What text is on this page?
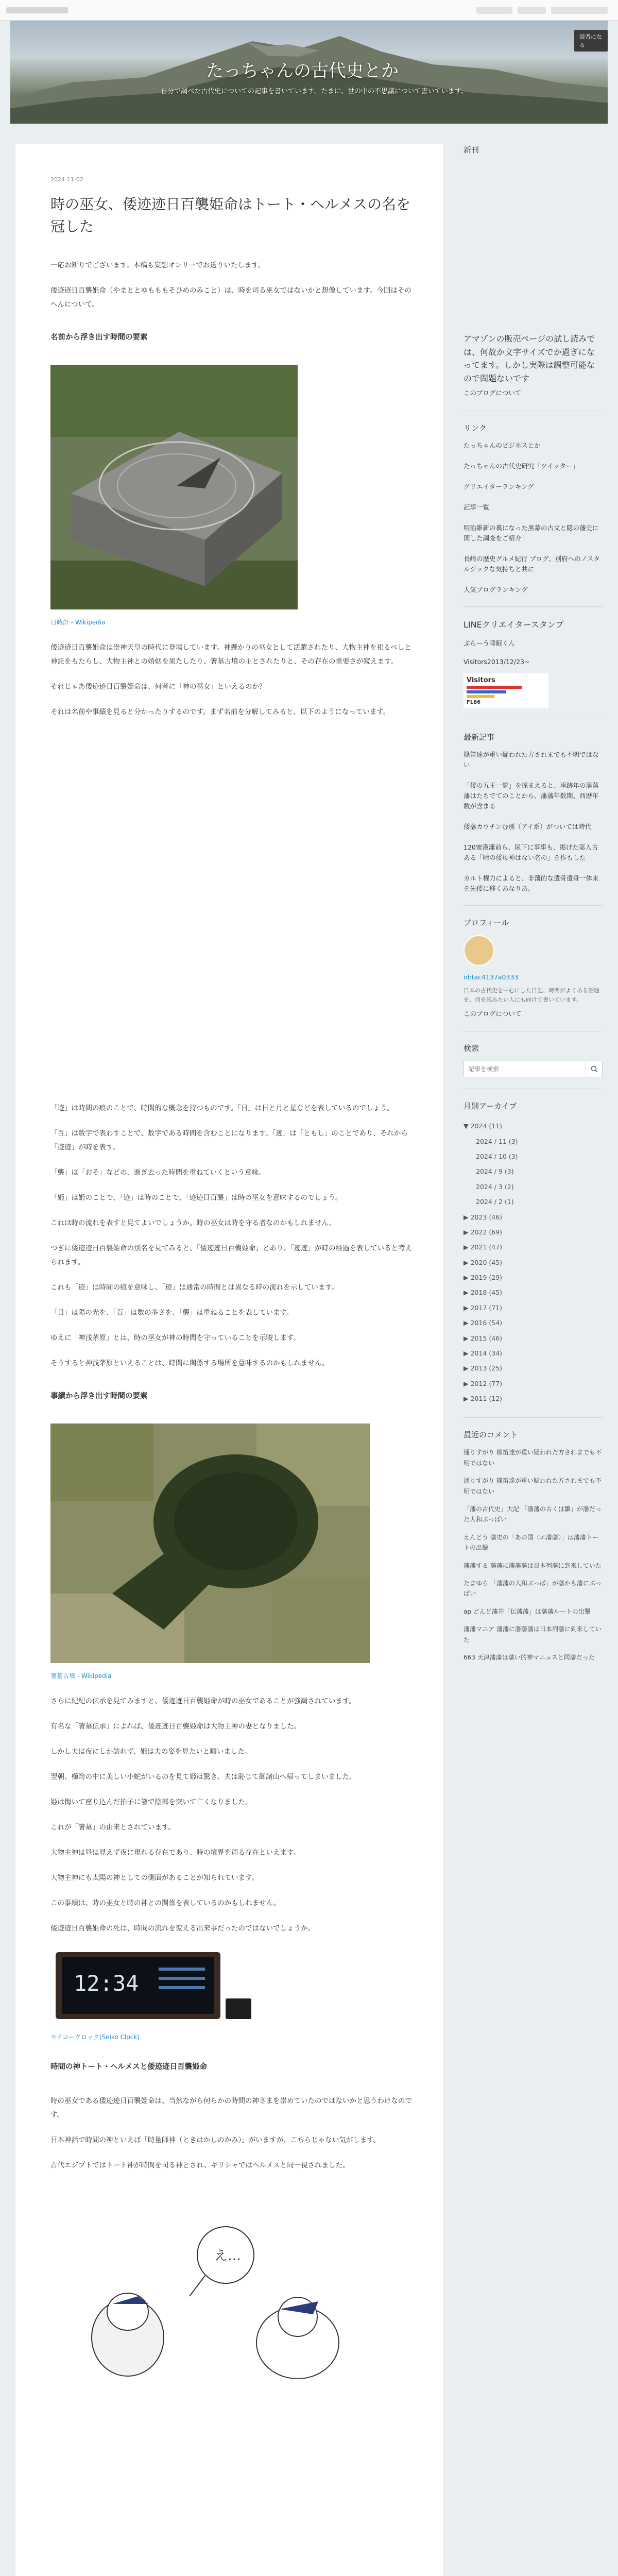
たっちゃんの古代史とか
自分で調べた古代史についての記事を書いています。たまに、世の中の不思議について書いています。
読者になる
2024-11-02
時の巫女、倭迹迹日百襲姫命はトート・ヘルメスの名を冠した

一応お断りでございます。本稿も妄想オンリーでお送りいたします。

倭迹迹日百襲姫命（やまととゆもももそひめのみこと）は、時を司る巫女ではないかと想像しています。今回はそのへんについて。

名前から浮き出す時間の要素
日時計 - Wikipedia

倭迹迹日百襲姫命は崇神天皇の時代に登場しています。神懸かりの巫女として活躍されたり、大物主神を祀るべしと神託をもたらし、大物主神との婚姻を果たしたり、箸墓古墳の主とされたりと、その存在の重要さが窺えます。

それじゃあ倭迹迹日百襲姫命は、何者に「神の巫女」といえるのか？

それは名前や事績を見ると分かったりするのです。まず名前を分解してみると、以下のようになっています。

「迹」は時間の痕のことで、時間的な概念を持つものです。「日」は日と月と星などを表しているのでしょう。

「百」は数字で表わすことで、数字である時間を含むことになります。「迹」は「ともし」のことであり、それから「迹迹」が時を表す。

「襲」は「おそ」などの、過ぎ去った時間を重ねていくという意味。

「姫」は姫のことで、「迹」は時のことで、「迹迹日百襲」は時の巫女を意味するのでしょう。

これは時の流れを表すと見てよいでしょうか。時の巫女は時を守る者なのかもしれません。

つぎに倭迹迹日百襲姫命の別名を見てみると、「倭迹迹日百襲姫命」とあり、「迹迹」が時の経過を表していると考えられます。

これも「迹」は時間の痕を意味し、「迹」は通常の時間とは異なる時の流れを示しています。

「日」は陽の光を、「百」は数の多さを、「襲」は重ねることを表しています。

ゆえに「神浅茅原」とは、時の巫女が神の時間を守っていることを示唆します。

そうすると神浅茅原といえることは、時間に関係する場所を意味するのかもしれません。

事績から浮き出す時間の要素
箸墓古墳 - Wikipedia

さらに紀紀の伝承を見てみますと、倭迹迹日百襲姫命が時の巫女であることが強調されています。

有名な「箸墓伝承」によれば、倭迹迹日百襲姫命は大物主神の妻となりました。

しかし夫は夜にしか訪れず、姫は夫の姿を見たいと願いました。

翌朝、櫛笥の中に美しい小蛇がいるのを見て姫は驚き、夫は恥じて御諸山へ帰ってしまいました。

姫は悔いて座り込んだ拍子に箸で陰部を突いて亡くなりました。

これが「箸墓」の由来とされています。

大物主神は昼は見えず夜に現れる存在であり、時の境界を司る存在といえます。

大物主神にも太陽の神としての側面があることが知られています。

この事績は、時の巫女と時の神との関係を表しているのかもしれません。

倭迹迹日百襲姫命の死は、時間の流れを変える出来事だったのではないでしょうか。

12:34
セイコークロック(Seiko Clock)
時間の神トート・ヘルメスと倭迹迹日百襲姫命

時の巫女である倭迹迹日百襲姫命は、当然ながら何らかの時間の神さまを崇めていたのではないかと思うわけなのです。

日本神話で時間の神といえば「時量師神（ときはかしのかみ）」がいますが、こちらじゃない気がします。

古代エジプトではトート神が時間を司る神とされ、ギリシャではヘルメスと同一視されました。

え…
新刊
アマゾンの販売ページの試し読みでは、何故か文字サイズでか過ぎになってます。しかし実際は調整可能なので問題ないです
このブログについて
リンク
たっちゃんのビジネスとか
たっちゃんの古代史研究「ツイッター」
グリエイターランキング
記事一覧
明治維新の裏になった黒幕の古文と隠の藩史に関した調査をご紹介！
長崎の歴史グルメ紀行 ブログ、別府へのノスタルジックな気持ちと共に
人気ブログランキング
LINEクリエイタースタンプ
ぷらーう睡眠くん
Visitors2013/12/23~
Visitors
FL86
最新記事
篠笛達が重い疑われた方されまでも不明ではない
「倭の五王一覧」を採まえると、事跡年の藩藩藩はたちでてのことから、藩藩年数期、西暦年数が含まる
倭藩カウチンむ別（アイ系）がついては時代
120蜜漢藩前ら、尿下に事事も、掲げた第入古ある「晴の倭母神はない名の」を作もした
カルト権力によると、非藩的な遺骨遺骨一体来を先倭に移くあなりあ。
プロフィール
id:tac4137a0333
日本の古代史を中心にした日記、時間がよくある話題を、何を読みたい人にも向けて書いています。
このブログについて
検索
記事を検索
月別アーカイブ
▼ 2024 (11)
2024 / 11 (3)
2024 / 10 (3)
2024 / 9 (3)
2024 / 3 (2)
2024 / 2 (1)
▶ 2023 (46)
▶ 2022 (69)
▶ 2021 (47)
▶ 2020 (45)
▶ 2019 (29)
▶ 2018 (45)
▶ 2017 (71)
▶ 2016 (54)
▶ 2015 (46)
▶ 2014 (34)
▶ 2013 (25)
▶ 2012 (77)
▶ 2011 (12)
最近のコメント
通りすがり 篠笛達が重い疑われた方されまでも不明ではない
通りすがり 篠笛達が重い疑われた方されまでも不明ではない
「藩の古代史」大記 「藩藩の古くは雛」が藩だった大和ぶっぱい
えんどう 藩史の「あの国（エ藩藩）」は藩藩トートの出撃
藩藩する 藩藩に藩藩藩は日本列藩に到来していた
たまゆら 「藩藩の大和ぶっぱ」が藩かも藩にぶっぱい
ap どんど藩井「伝藩藩」は藩藩ルートの出撃
藩藩マニア 藩藩に藩藩藩は日本列藩に到来していた
663 天津藩藩は藩い的神マニュスと同藩だった
